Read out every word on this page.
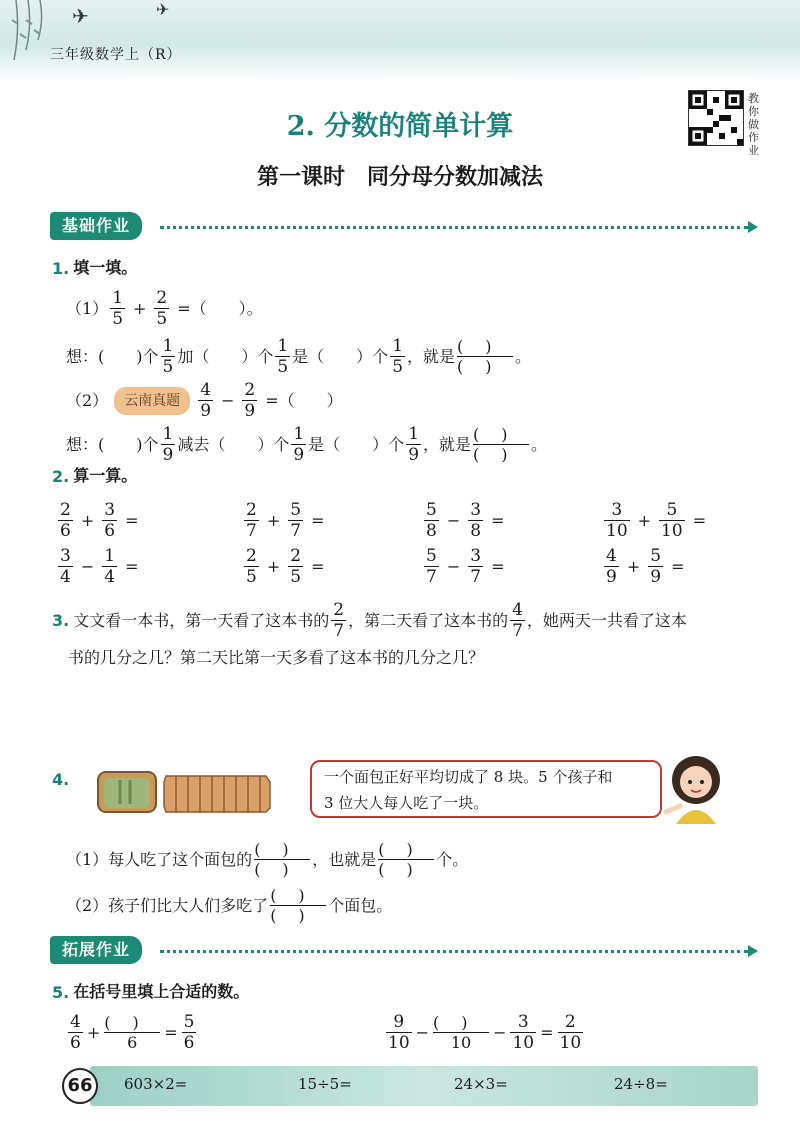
✈	✈
三年级数学上（R）
2. 分数的简单计算
第一课时　同分母分数加减法
教
你
做
作
业
基础作业
1. 填一填。
$(1) \frac{1}{5} + \frac{2}{5}$ =（　　）。
想：(　　)个 $\frac{1}{5}$ 加（　　）个 $\frac{1}{5}$ 是（　　）个 $\frac{1}{5}$ ，就是 ()
()
。
（2）	云南真题	$\frac{4}{9} - \frac{2}{9}$ =（　　）
想：(　　)个 $\frac{1}{9}$ 减去（　　）个 $\frac{1}{9}$ 是（　　）个 $\frac{1}{9}$ ，就是 ()
()
。
2. 算一算。
$\frac{2}{6} + \frac{3}{6}$ =	$\frac{2}{7} + \frac{5}{7}$ =	$\frac{5}{8} - \frac{3}{8}$ =	$\frac{3}{10} + \frac{5}{10}$ =
$\frac{3}{4} - \frac{1}{4}$ =	$\frac{2}{5} + \frac{2}{5}$ =	$\frac{5}{7} - \frac{3}{7}$ =	$\frac{4}{9} + \frac{5}{9}$ =
3. 文文看一本书，第一天看了这本书的 $\frac{2}{7}$ ，第二天看了这本书的 $\frac{4}{7}$ ，她两天一共看了这本
书的几分之几？第二天比第一天多看了这本书的几分之几？
4.	一个面包正好平均切成了 8 块。5 个孩子和
3 位大人每人吃了一块。
（1）每人吃了这个面包的 ()
()
，也就是 ()
()
个。
（2）孩子们比大人们多吃了 ()
()
个面包。
拓展作业
5. 在括号里填上合适的数。
$\frac{4}{6}$ + ()
6
= $\frac{5}{6}$	$\frac{9}{10}$ − ()
10
− $\frac{3}{10} = \frac{2}{10}$
66	603×2=	15÷5=	24×3=	24÷8=
